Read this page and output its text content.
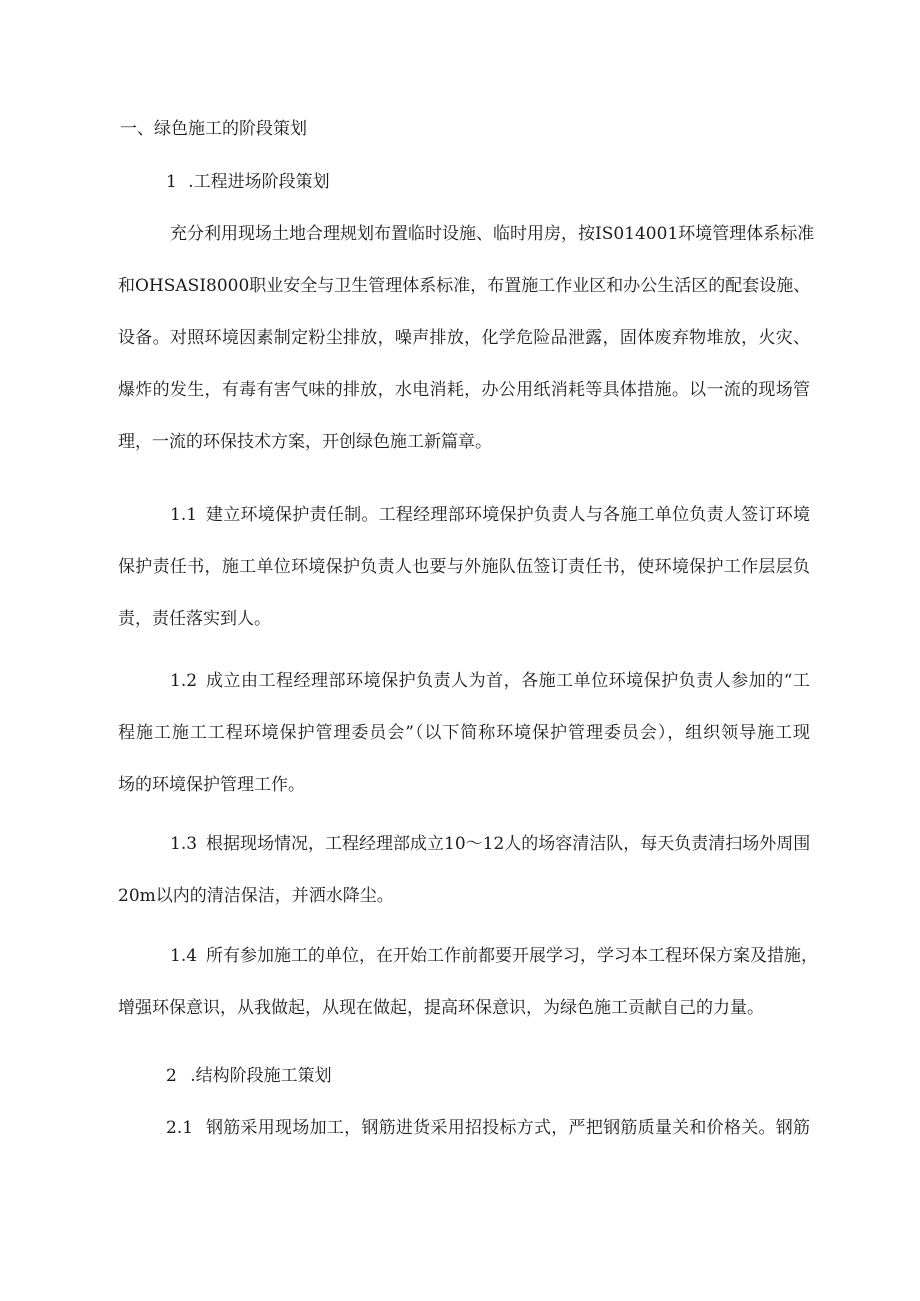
一、绿色施工的阶段策划
1 .工程进场阶段策划
充分利用现场土地合理规划布置临时设施、临时用房，按IS014001环境管理体系标准
和OHSASI8000职业安全与卫生管理体系标准，布置施工作业区和办公生活区的配套设施、
设备。对照环境因素制定粉尘排放，噪声排放，化学危险品泄露，固体废弃物堆放，火灾、
爆炸的发生，有毒有害气味的排放，水电消耗，办公用纸消耗等具体措施。以一流的现场管
理，一流的环保技术方案，开创绿色施工新篇章。
1.1 建立环境保护责任制。工程经理部环境保护负责人与各施工单位负责人签订环境
保护责任书，施工单位环境保护负责人也要与外施队伍签订责任书，使环境保护工作层层负
责，责任落实到人。
1.2 成立由工程经理部环境保护负责人为首，各施工单位环境保护负责人参加的“工
程施工施工工程环境保护管理委员会”（以下简称环境保护管理委员会），组织领导施工现
场的环境保护管理工作。
1.3 根据现场情况，工程经理部成立10～12人的场容清洁队，每天负责清扫场外周围
20m以内的清洁保洁，并洒水降尘。
1.4 所有参加施工的单位，在开始工作前都要开展学习，学习本工程环保方案及措施，
增强环保意识，从我做起，从现在做起，提高环保意识，为绿色施工贡献自己的力量。
2 .结构阶段施工策划
2.1 钢筋采用现场加工，钢筋进货采用招投标方式，严把钢筋质量关和价格关。钢筋
